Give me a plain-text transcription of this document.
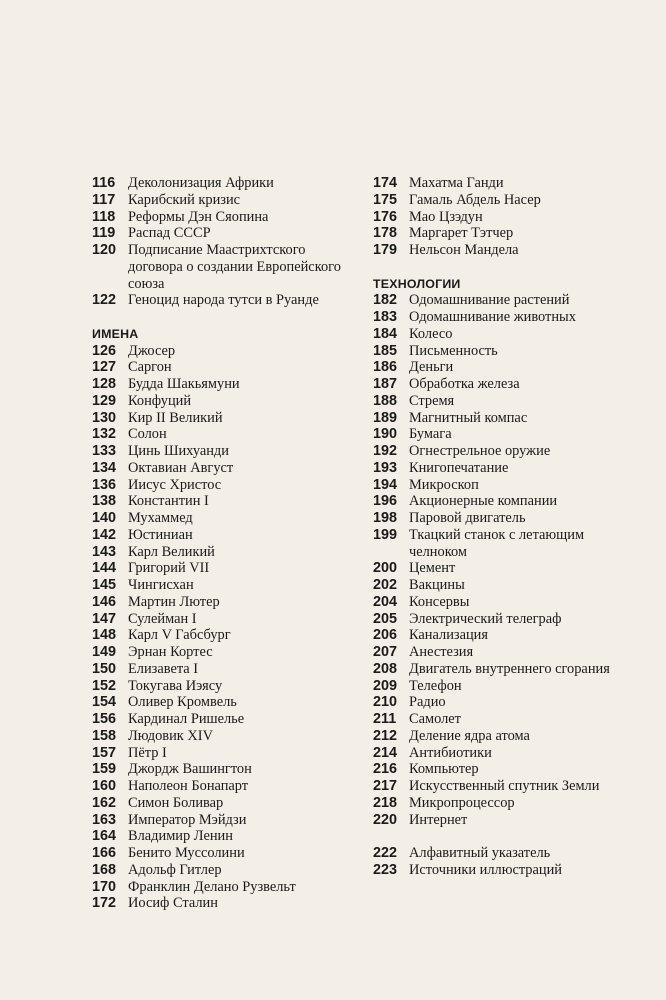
116 Деколонизация Африки
117 Карибский кризис
118 Реформы Дэн Сяопина
119 Распад СССР
120 Подписание Маастрихтского договора о создании Европейского союза
122 Геноцид народа тутси в Руанде
ИМЕНА
126 Джосер
127 Саргон
128 Будда Шакьямуни
129 Конфуций
130 Кир II Великий
132 Солон
133 Цинь Шихуанди
134 Октавиан Август
136 Иисус Христос
138 Константин I
140 Мухаммед
142 Юстиниан
143 Карл Великий
144 Григорий VII
145 Чингисхан
146 Мартин Лютер
147 Сулейман I
148 Карл V Габсбург
149 Эрнан Кортес
150 Елизавета I
152 Токугава Иэясу
154 Оливер Кромвель
156 Кардинал Ришелье
158 Людовик XIV
157 Пётр I
159 Джордж Вашингтон
160 Наполеон Бонапарт
162 Симон Боливар
163 Император Мэйдзи
164 Владимир Ленин
166 Бенито Муссолини
168 Адольф Гитлер
170 Франклин Делано Рузвельт
172 Иосиф Сталин
174 Махатма Ганди
175 Гамаль Абдель Насер
176 Мао Цзэдун
178 Маргарет Тэтчер
179 Нельсон Мандела
ТЕХНОЛОГИИ
182 Одомашнивание растений
183 Одомашнивание животных
184 Колесо
185 Письменность
186 Деньги
187 Обработка железа
188 Стремя
189 Магнитный компас
190 Бумага
192 Огнестрельное оружие
193 Книгопечатание
194 Микроскоп
196 Акционерные компании
198 Паровой двигатель
199 Ткацкий станок с летающим челноком
200 Цемент
202 Вакцины
204 Консервы
205 Электрический телеграф
206 Канализация
207 Анестезия
208 Двигатель внутреннего сгорания
209 Телефон
210 Радио
211 Самолет
212 Деление ядра атома
214 Антибиотики
216 Компьютер
217 Искусственный спутник Земли
218 Микропроцессор
220 Интернет
222 Алфавитный указатель
223 Источники иллюстраций
